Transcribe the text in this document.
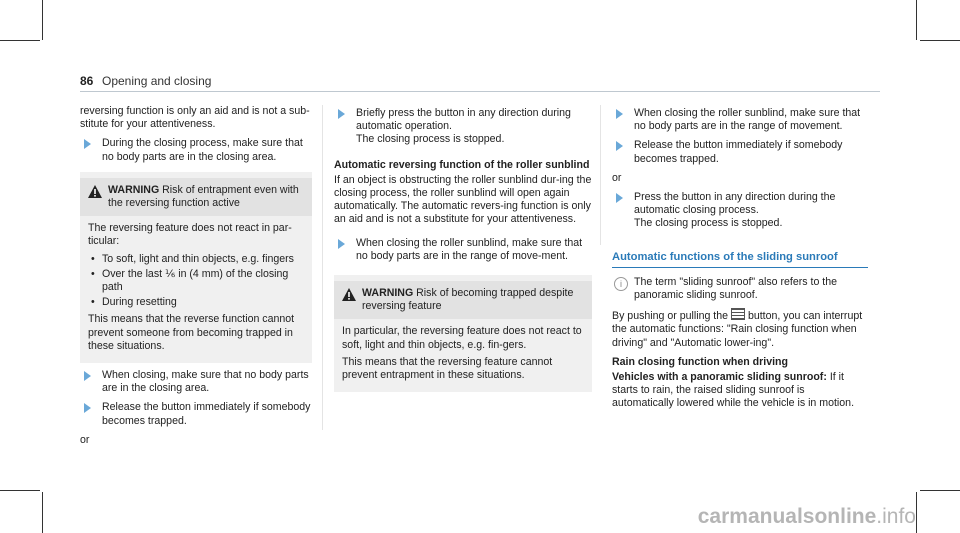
86 Opening and closing

reversing function is only an aid and is not a sub-stitute for your attentiveness.

During the closing process, make sure that no body parts are in the closing area.
WARNING Risk of entrapment even with the reversing function active

The reversing feature does not react in par-ticular:

• To soft, light and thin objects, e.g. fingers
• Over the last ⅙ in (4 mm) of the closing path
• During resetting

This means that the reverse function cannot prevent someone from becoming trapped in these situations.

When closing, make sure that no body parts are in the closing area.
Release the button immediately if somebody becomes trapped.

or

Briefly press the button in any direction during automatic operation.
The closing process is stopped.
Automatic reversing function of the roller sunblind

If an object is obstructing the roller sunblind dur-ing the closing process, the roller sunblind will open again automatically. The automatic revers-ing function is only an aid and is not a substitute for your attentiveness.

When closing the roller sunblind, make sure that no body parts are in the range of move-ment.
WARNING Risk of becoming trapped despite reversing feature

In particular, the reversing feature does not react to soft, light and thin objects, e.g. fin-gers.

This means that the reversing feature cannot prevent entrapment in these situations.

When closing the roller sunblind, make sure that no body parts are in the range of movement.
Release the button immediately if somebody becomes trapped.

or

Press the button in any direction during the automatic closing process.
The closing process is stopped.
Automatic functions of the sliding sunroof
i	The term "sliding sunroof" also refers to the panoramic sliding sunroof.

By pushing or pulling the button, you can interrupt the automatic functions: "Rain closing function when driving" and "Automatic lower-ing".

Rain closing function when driving

Vehicles with a panoramic sliding sunroof: If it starts to rain, the raised sliding sunroof is automatically lowered while the vehicle is in motion.

carmanualsonline.info
